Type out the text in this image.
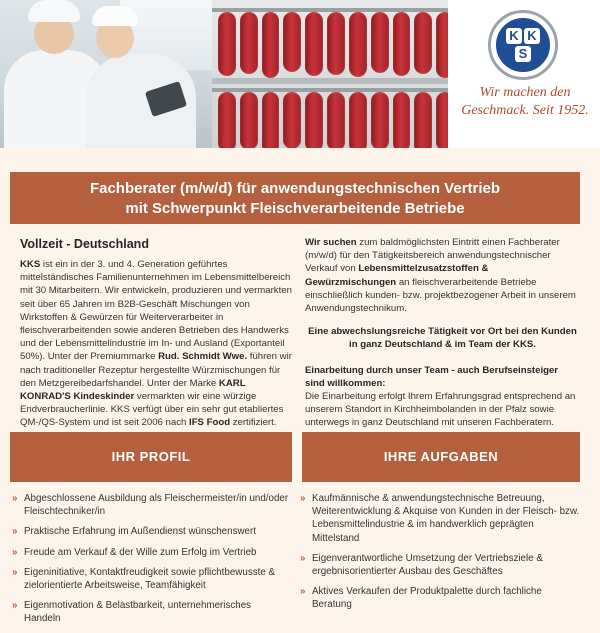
K K
S
Wir machen den
Geschmack. Seit 1952.
Fachberater (m/w/d) für anwendungstechnischen Vertrieb
mit Schwerpunkt Fleischverarbeitende Betriebe
Vollzeit - Deutschland

KKS ist ein in der 3. und 4. Generation geführtes mittelständisches Familienunternehmen im Lebensmittelbereich mit 30 Mitarbeitern. Wir entwickeln, produzieren und vermarkten seit über 65 Jahren im B2B-Geschäft Mischungen von Wirkstoffen & Gewürzen für Weiterverarbeiter in fleischverarbeitenden sowie anderen Betrieben des Handwerks und der Lebensmittelindustrie im In- und Ausland (Exportanteil 50%). Unter der Premiummarke Rud. Schmidt Wwe. führen wir nach traditioneller Rezeptur hergestellte Würzmischungen für den Metzgereibedarfshandel. Unter der Marke KARL KONRAD'S Kindeskinder vermarkten wir eine würzige Endverbraucherlinie. KKS verfügt über ein sehr gut etabliertes QM-/QS-System und ist seit 2006 nach IFS Food zertifiziert.

Wir suchen zum baldmöglichsten Eintritt einen Fachberater (m/w/d) für den Tätigkeitsbereich anwendungstechnischer Verkauf von Lebensmittelzusatzstoffen & Gewürzmischungen an fleischverarbeitende Betriebe einschließlich kunden- bzw. projektbezogener Arbeit in unserem Anwendungstechnikum.

Eine abwechslungsreiche Tätigkeit vor Ort bei den Kunden in ganz Deutschland & im Team der KKS.

Einarbeitung durch unser Team - auch Berufseinsteiger sind willkommen:

Die Einarbeitung erfolgt Ihrem Erfahrungsgrad entsprechend an unserem Standort in Kirchheimbolanden in der Pfalz sowie unterwegs in ganz Deutschland mit unseren Fachberatern.

IHR PROFIL	IHRE AUFGABEN
» Abgeschlossene Ausbildung als Fleischermeister/in und/oder Fleischtechniker/in
» Praktische Erfahrung im Außendienst wünschenswert
» Freude am Verkauf & der Wille zum Erfolg im Vertrieb
» Eigeninitiative, Kontaktfreudigkeit sowie pflichtbewusste & zielorientierte Arbeitsweise, Teamfähigkeit
» Eigenmotivation & Belastbarkeit, unternehmerisches Handeln
» Kaufmännische & anwendungstechnische Betreuung, Weiterentwicklung & Akquise von Kunden in der Fleisch- bzw. Lebensmittelindustrie & im handwerklich geprägten Mittelstand
» Eigenverantwortliche Umsetzung der Vertriebsziele & ergebnisorientierter Ausbau des Geschäftes
» Aktives Verkaufen der Produktpalette durch fachliche Beratung
